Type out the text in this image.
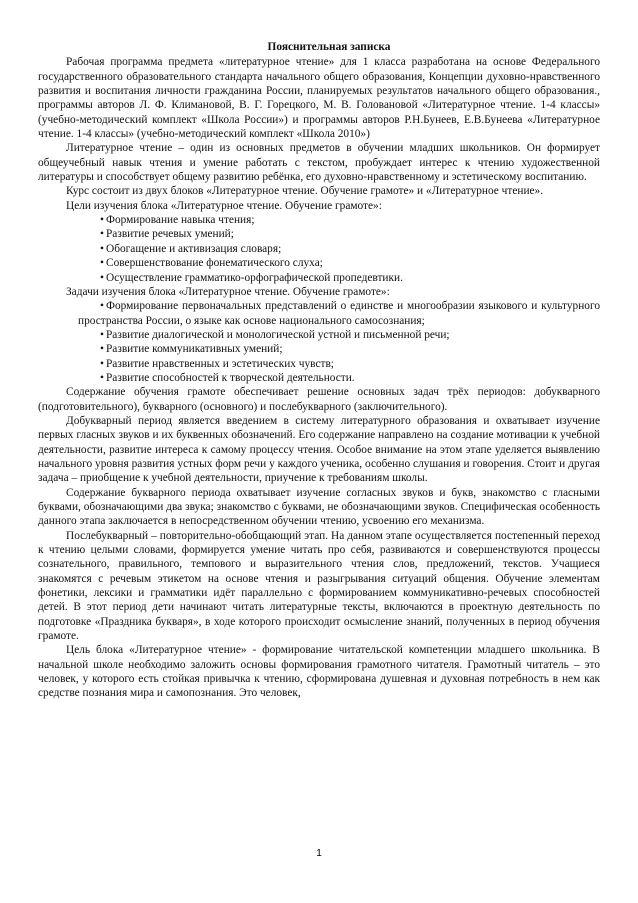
Пояснительная записка

Рабочая программа предмета «литературное чтение» для 1 класса разработана на основе Федерального государственного образовательного стандарта начального общего образования, Концепции духовно-нравственного развития и воспитания личности гражданина России, планируемых результатов начального общего образования., программы авторов Л. Ф. Климановой, В. Г. Горецкого, М. В. Головановой «Литературное чтение. 1-4 классы» (учебно-методический комплект «Школа России») и программы авторов Р.Н.Бунеев, Е.В.Бунеева «Литературное чтение. 1-4 классы» (учебно-методический комплект «Школа 2010»)

Литературное чтение – один из основных предметов в обучении младших школьников. Он формирует общеучебный навык чтения и умение работать с текстом, пробуждает интерес к чтению художественной литературы и способствует общему развитию ребёнка, его духовно-нравственному и эстетическому воспитанию.

Курс состоит из двух блоков «Литературное чтение. Обучение грамоте» и «Литературное чтение».

Цели изучения блока «Литературное чтение. Обучение грамоте»:

• Формирование навыка чтения;

• Развитие речевых умений;

• Обогащение и активизация словаря;

• Совершенствование фонематического слуха;

• Осуществление грамматико-орфографической пропедевтики.

Задачи изучения блока «Литературное чтение. Обучение грамоте»:

• Формирование первоначальных представлений о единстве и многообразии языкового и культурного пространства России, о языке как основе национального самосознания;

• Развитие диалогической и монологической устной и письменной речи;

• Развитие коммуникативных умений;

• Развитие нравственных и эстетических чувств;

• Развитие способностей к творческой деятельности.

Содержание обучения грамоте обеспечивает решение основных задач трёх периодов: добукварного (подготовительного), букварного (основного) и послебукварного (заключительного).

Добукварный период является введением в систему литературного образования и охватывает изучение первых гласных звуков и их буквенных обозначений. Его содержание направлено на создание мотивации к учебной деятельности, развитие интереса к самому процессу чтения. Особое внимание на этом этапе уделяется выявлению начального уровня развития устных форм речи у каждого ученика, особенно слушания и говорения. Стоит и другая задача – приобщение к учебной деятельности, приучение к требованиям школы.

Содержание букварного периода охватывает изучение согласных звуков и букв, знакомство с гласными буквами, обозначающими два звука; знакомство с буквами, не обозначающими звуков. Специфическая особенность данного этапа заключается в непосредственном обучении чтению, усвоению его механизма.

Послебукварный – повторительно-обобщающий этап. На данном этапе осуществляется постепенный переход к чтению целыми словами, формируется умение читать про себя, развиваются и совершенствуются процессы сознательного, правильного, темпового и выразительного чтения слов, предложений, текстов. Учащиеся знакомятся с речевым этикетом на основе чтения и разыгрывания ситуаций общения. Обучение элементам фонетики, лексики и грамматики идёт параллельно с формированием коммуникативно-речевых способностей детей. В этот период дети начинают читать литературные тексты, включаются в проектную деятельность по подготовке «Праздника букваря», в ходе которого происходит осмысление знаний, полученных в период обучения грамоте.

Цель блока «Литературное чтение» - формирование читательской компетенции младшего школьника. В начальной школе необходимо заложить основы формирования грамотного читателя. Грамотный читатель – это человек, у которого есть стойкая привычка к чтению, сформирована душевная и духовная потребность в нем как средстве познания мира и самопознания. Это человек,

1
